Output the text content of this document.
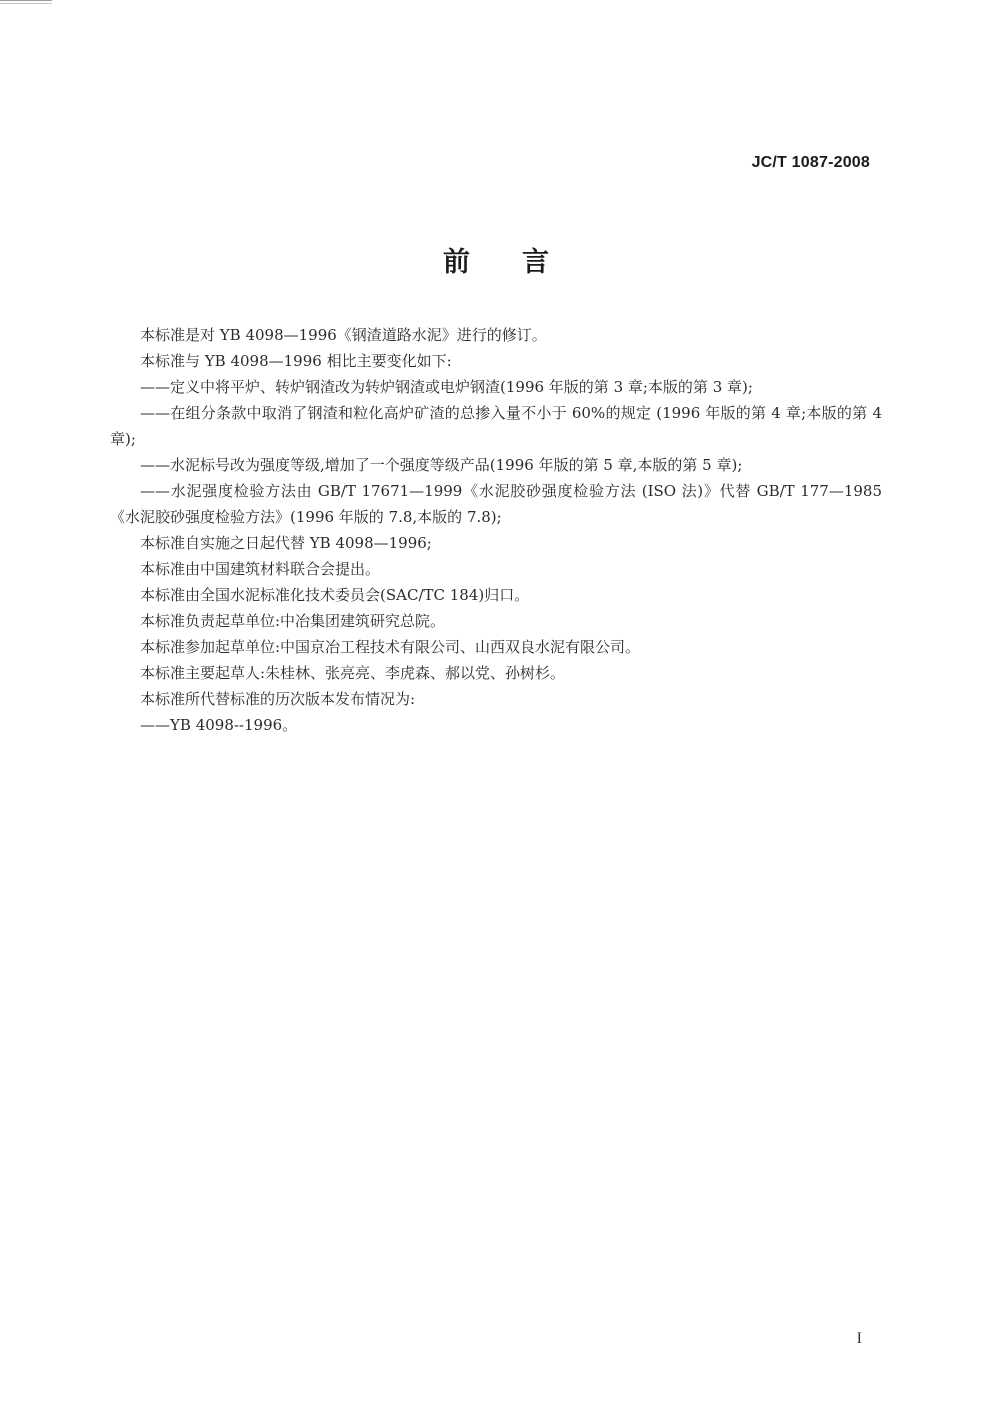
JC/T 1087-2008
前言

本标准是对 YB 4098—1996《钢渣道路水泥》进行的修订。

本标准与 YB 4098—1996 相比主要变化如下:

——定义中将平炉、转炉钢渣改为转炉钢渣或电炉钢渣(1996 年版的第 3 章;本版的第 3 章);

——在组分条款中取消了钢渣和粒化高炉矿渣的总掺入量不小于 60%的规定 (1996 年版的第 4 章;本版的第 4 章);

——水泥标号改为强度等级,增加了一个强度等级产品(1996 年版的第 5 章,本版的第 5 章);

——水泥强度检验方法由 GB/T 17671—1999《水泥胶砂强度检验方法 (ISO 法)》代替 GB/T 177—1985《水泥胶砂强度检验方法》(1996 年版的 7.8,本版的 7.8);

本标准自实施之日起代替 YB 4098—1996;

本标准由中国建筑材料联合会提出。

本标准由全国水泥标准化技术委员会(SAC/TC 184)归口。

本标准负责起草单位:中冶集团建筑研究总院。

本标准参加起草单位:中国京冶工程技术有限公司、山西双良水泥有限公司。

本标准主要起草人:朱桂林、张亮亮、李虎森、郝以党、孙树杉。

本标准所代替标准的历次版本发布情况为:

——YB 4098--1996。

I
